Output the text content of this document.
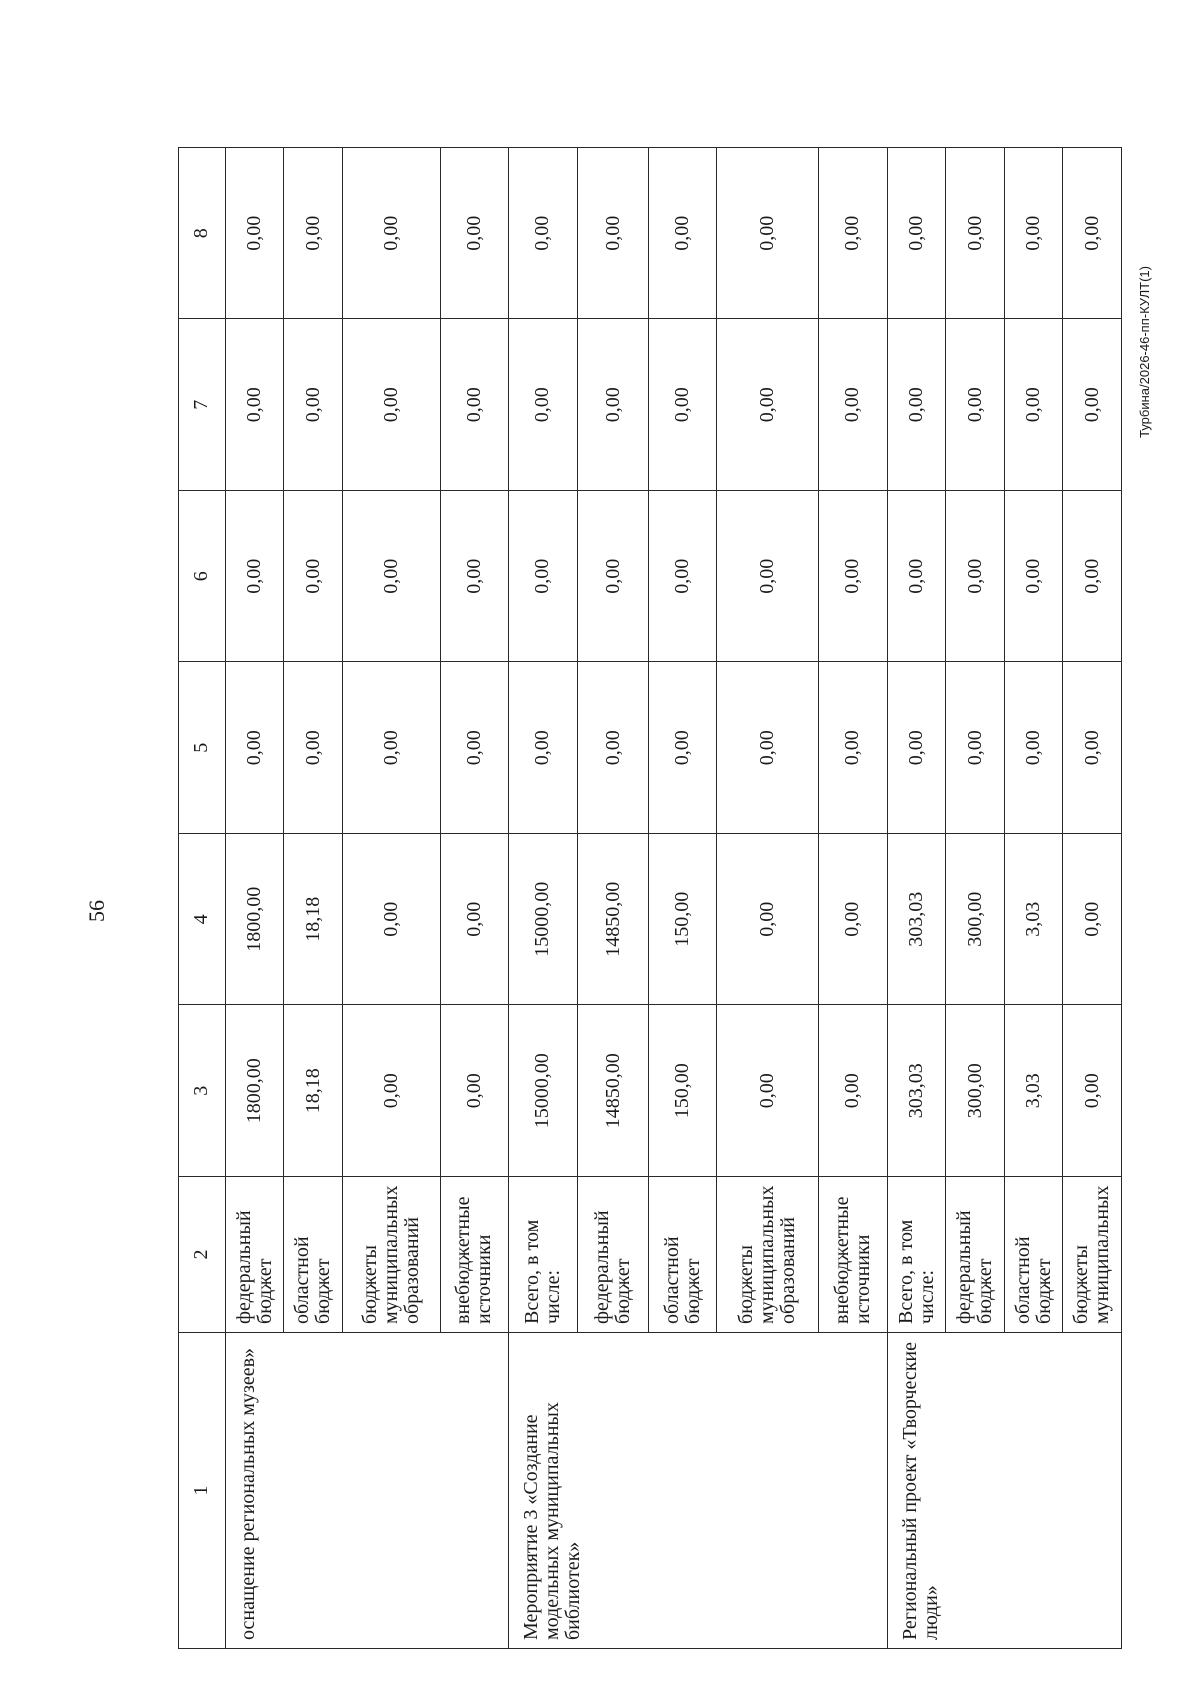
56
Турбина/2026-46-пп-КУЛТ(1)
1	2	3	4	5	6	7	8
оснащение региональных музеев»	федеральный бюджет	1800,00	1800,00	0,00	0,00	0,00	0,00
	областной бюджет	18,18	18,18	0,00	0,00	0,00	0,00
	бюджеты муниципальных образований	0,00	0,00	0,00	0,00	0,00	0,00
	внебюджетные источники	0,00	0,00	0,00	0,00	0,00	0,00
Мероприятие 3 «Создание модельных муниципальных библиотек»	Всего, в том числе:	15000,00	15000,00	0,00	0,00	0,00	0,00
	федеральный бюджет	14850,00	14850,00	0,00	0,00	0,00	0,00
	областной бюджет	150,00	150,00	0,00	0,00	0,00	0,00
	бюджеты муниципальных образований	0,00	0,00	0,00	0,00	0,00	0,00
	внебюджетные источники	0,00	0,00	0,00	0,00	0,00	0,00
Региональный проект «Творческие люди»	Всего, в том числе:	303,03	303,03	0,00	0,00	0,00	0,00
	федеральный бюджет	300,00	300,00	0,00	0,00	0,00	0,00
	областной бюджет	3,03	3,03	0,00	0,00	0,00	0,00
	бюджеты муниципальных	0,00	0,00	0,00	0,00	0,00	0,00
